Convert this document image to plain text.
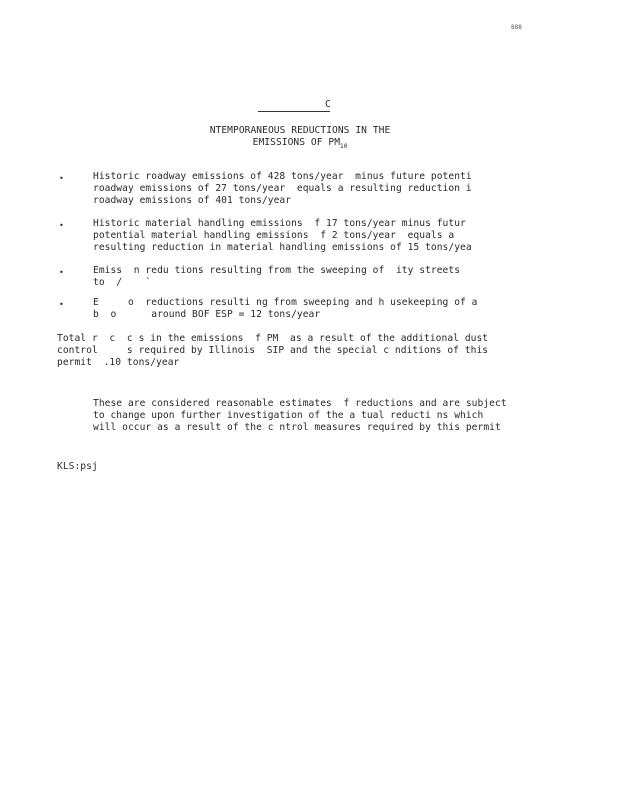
888
C
NTEMPORANEOUS REDUCTIONS IN THE
EMISSIONS OF $PM_{10}$
•	Historic roadway emissions of 428 tons/year  minus future potenti
roadway emissions of 27 tons/year  equals a resulting reduction i
roadway emissions of 401 tons/year
•	Historic material handling emissions  f 17 tons/year minus futur
potential material handling emissions  f 2 tons/year  equals a
resulting reduction in material handling emissions of 15 tons/yea
•	Emiss  n redu tions resulting from the sweeping of  ity streets
to  /    `
•	E     o  reductions resulti ng from sweeping and h usekeeping of a
b  o      around BOF ESP = 12 tons/year
Total r  c  c s in the emissions  f PM  as a result of the additional dust
control     s required by Illinois  SIP and the special c nditions of this
permit  .10 tons/year
These are considered reasonable estimates  f reductions and are subject
to change upon further investigation of the a tual reducti ns which
will occur as a result of the c ntrol measures required by this permit
KLS:psj
